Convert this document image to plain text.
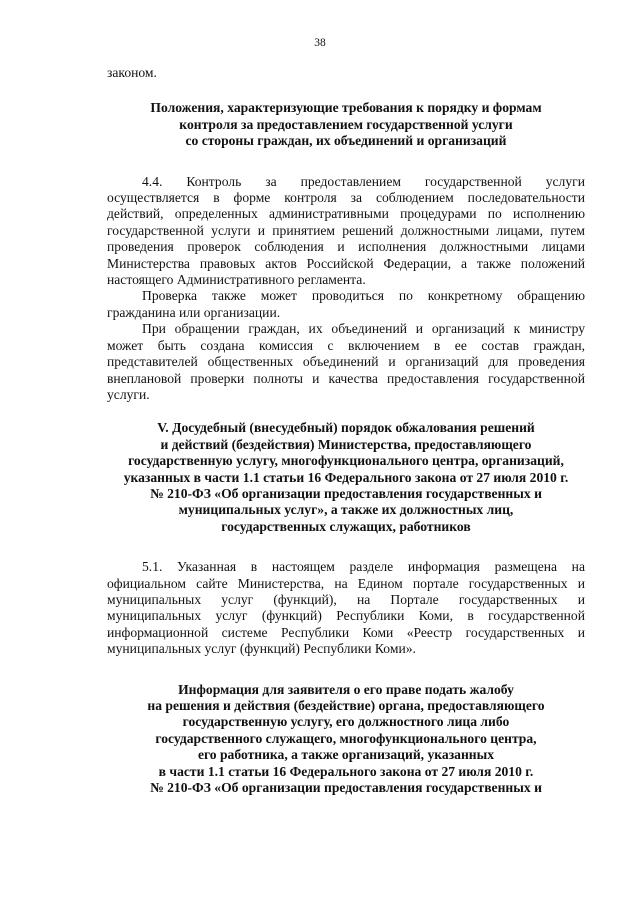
38
законом.
Положения, характеризующие требования к порядку и формам
контроля за предоставлением государственной услуги
со стороны граждан, их объединений и организаций
4.4. Контроль за предоставлением государственной услуги
осуществляется в форме контроля за соблюдением последовательности
действий, определенных административными процедурами по исполнению
государственной услуги и принятием решений должностными лицами, путем
проведения проверок соблюдения и исполнения должностными лицами
Министерства правовых актов Российской Федерации, а также положений
настоящего Административного регламента.
Проверка также может проводиться по конкретному обращению
гражданина или организации.
При обращении граждан, их объединений и организаций к министру
может быть создана комиссия с включением в ее состав граждан,
представителей общественных объединений и организаций для проведения
внеплановой проверки полноты и качества предоставления государственной
услуги.
V. Досудебный (внесудебный) порядок обжалования решений
и действий (бездействия) Министерства, предоставляющего
государственную услугу, многофункционального центра, организаций,
указанных в части 1.1 статьи 16 Федерального закона от 27 июля 2010 г.
№ 210-ФЗ «Об организации предоставления государственных и
муниципальных услуг», а также их должностных лиц,
государственных служащих, работников
5.1. Указанная в настоящем разделе информация размещена на
официальном сайте Министерства, на Едином портале государственных и
муниципальных услуг (функций), на Портале государственных и
муниципальных услуг (функций) Республики Коми, в государственной
информационной системе Республики Коми «Реестр государственных и
муниципальных услуг (функций) Республики Коми».
Информация для заявителя о его праве подать жалобу
на решения и действия (бездействие) органа, предоставляющего
государственную услугу, его должностного лица либо
государственного служащего, многофункционального центра,
его работника, а также организаций, указанных
в части 1.1 статьи 16 Федерального закона от 27 июля 2010 г.
№ 210-ФЗ «Об организации предоставления государственных и
